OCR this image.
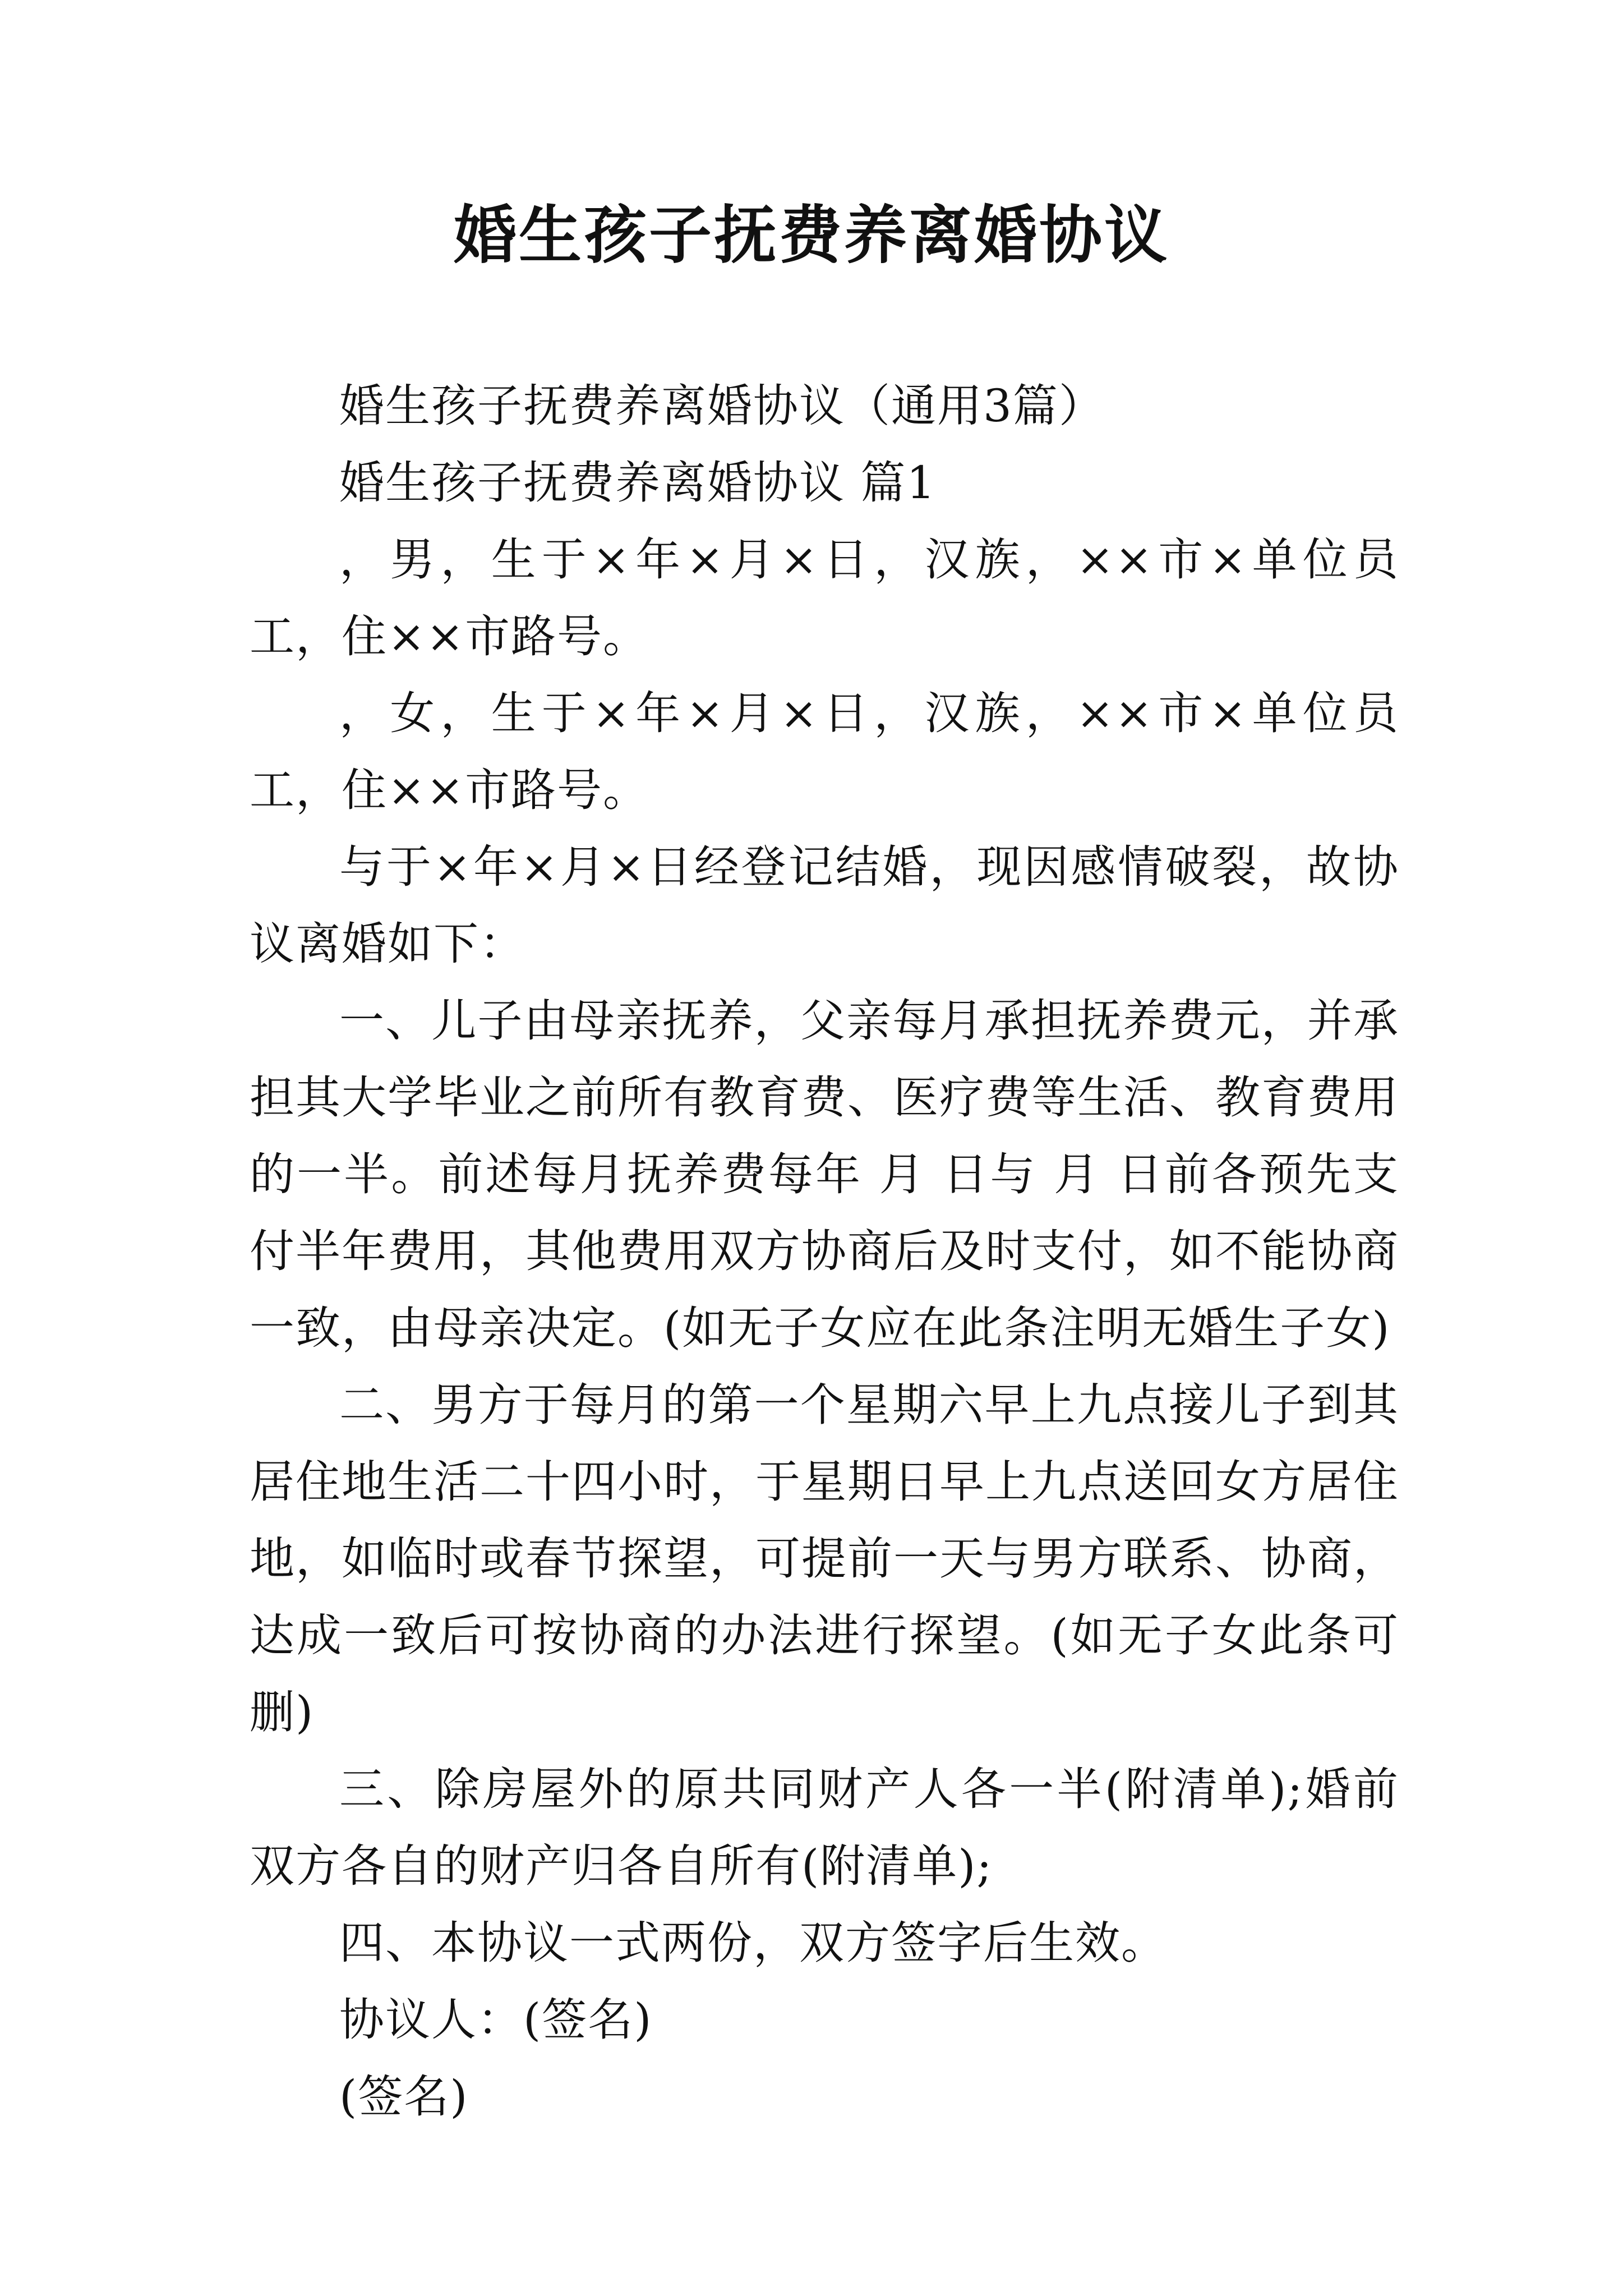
婚生孩子抚费养离婚协议

婚生孩子抚费养离婚协议（通用3篇）

婚生孩子抚费养离婚协议 篇1

，男，生于×年×月×日，汉族，××市×单位员工，住××市路号。

，女，生于×年×月×日，汉族，××市×单位员工，住××市路号。

与于×年×月×日经登记结婚，现因感情破裂，故协议离婚如下：

一、儿子由母亲抚养，父亲每月承担抚养费元，并承担其大学毕业之前所有教育费、医疗费等生活、教育费用的一半。前述每月抚养费每年 月 日与 月 日前各预先支付半年费用，其他费用双方协商后及时支付，如不能协商一致，由母亲决定。(如无子女应在此条注明无婚生子女)

二、男方于每月的第一个星期六早上九点接儿子到其居住地生活二十四小时，于星期日早上九点送回女方居住地，如临时或春节探望，可提前一天与男方联系、协商，达成一致后可按协商的办法进行探望。(如无子女此条可删)

三、除房屋外的原共同财产人各一半(附清单);婚前双方各自的财产归各自所有(附清单);

四、本协议一式两份，双方签字后生效。

协议人：(签名)

(签名)
